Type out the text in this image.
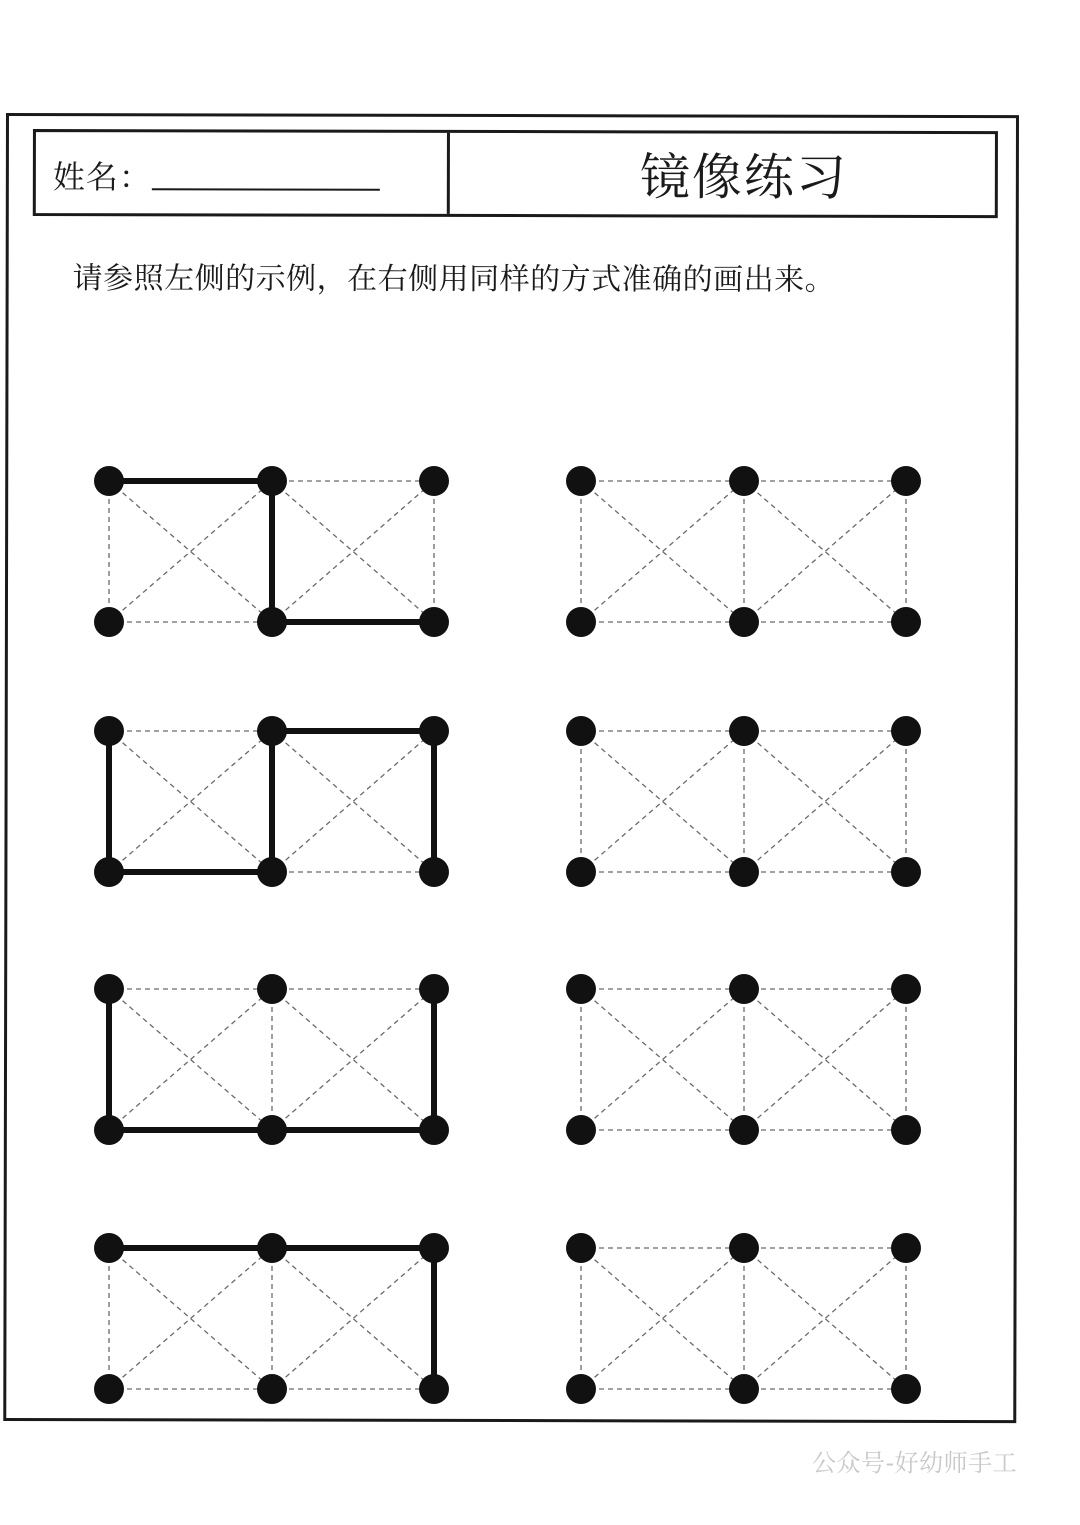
姓名：	镜像练习
请参照左侧的示例，在右侧用同样的方式准确的画出来。
公众号-好幼师手工
